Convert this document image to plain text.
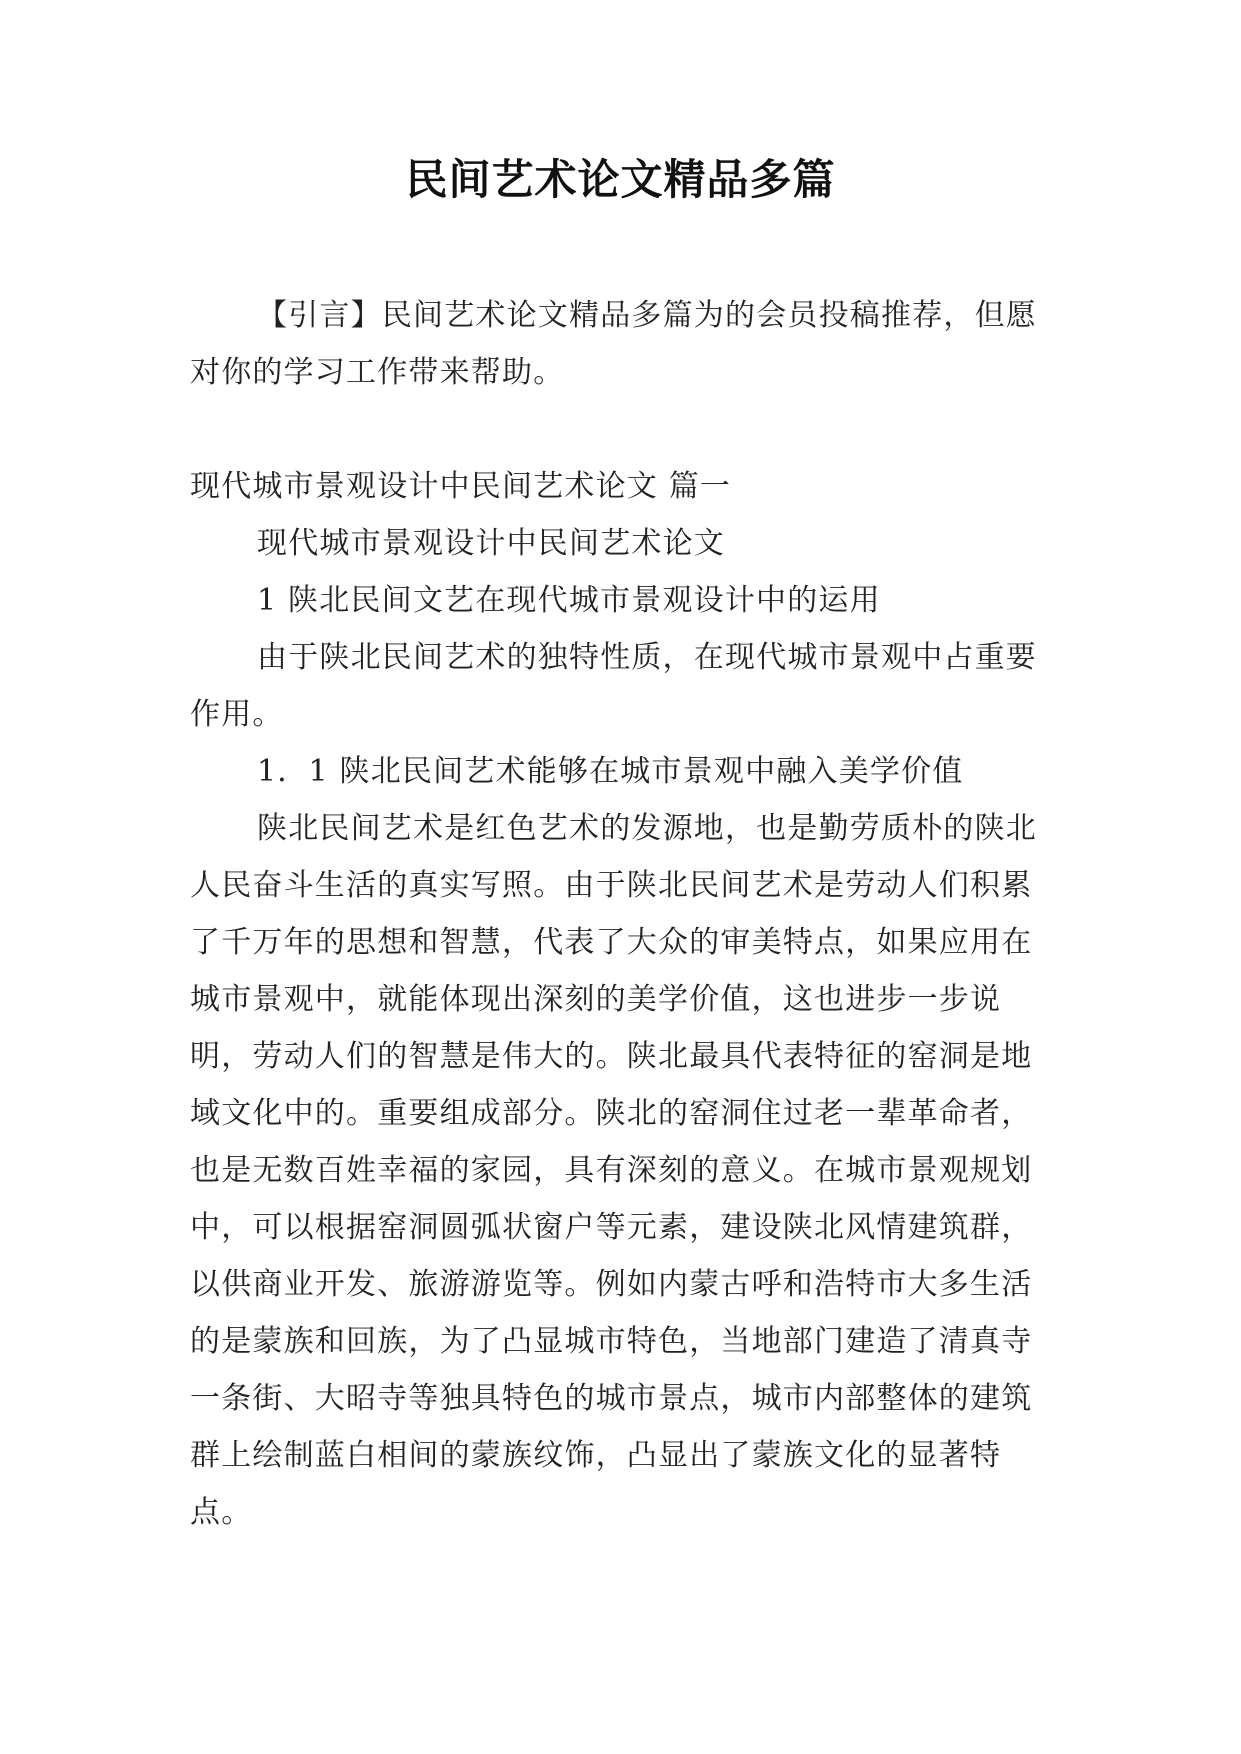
民间艺术论文精品多篇

【引言】民间艺术论文精品多篇为的会员投稿推荐，但愿对你的学习工作带来帮助。

现代城市景观设计中民间艺术论文 篇一

现代城市景观设计中民间艺术论文

1 陕北民间文艺在现代城市景观设计中的运用

由于陕北民间艺术的独特性质，在现代城市景观中占重要作用。

1．1 陕北民间艺术能够在城市景观中融入美学价值

陕北民间艺术是红色艺术的发源地，也是勤劳质朴的陕北人民奋斗生活的真实写照。由于陕北民间艺术是劳动人们积累了千万年的思想和智慧，代表了大众的审美特点，如果应用在城市景观中，就能体现出深刻的美学价值，这也进步一步说明，劳动人们的智慧是伟大的。陕北最具代表特征的窑洞是地域文化中的。重要组成部分。陕北的窑洞住过老一辈革命者，也是无数百姓幸福的家园，具有深刻的意义。在城市景观规划中，可以根据窑洞圆弧状窗户等元素，建设陕北风情建筑群，以供商业开发、旅游游览等。例如内蒙古呼和浩特市大多生活的是蒙族和回族，为了凸显城市特色，当地部门建造了清真寺一条街、大昭寺等独具特色的城市景点，城市内部整体的建筑群上绘制蓝白相间的蒙族纹饰，凸显出了蒙族文化的显著特点。
